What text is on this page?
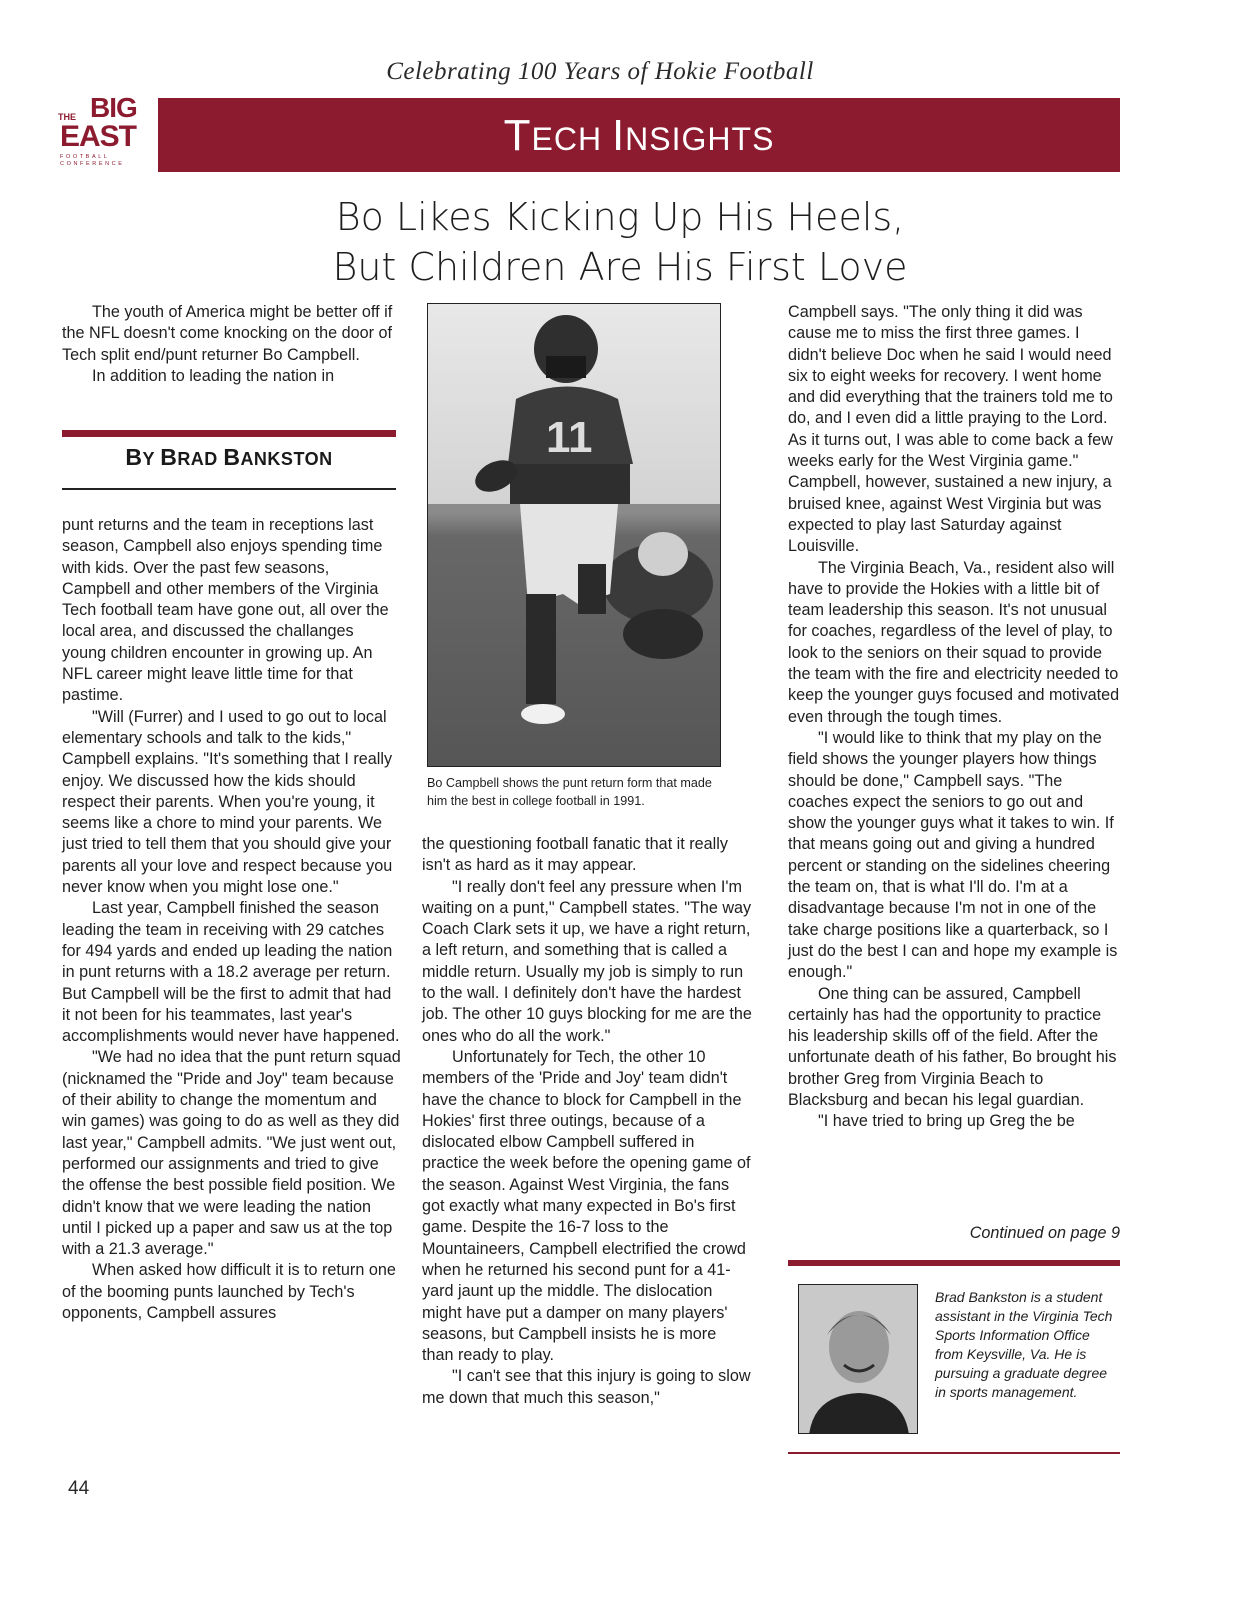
Celebrating 100 Years of Hokie Football
THE BIG
EAST
FOOTBALL
CONFERENCE
TECH INSIGHTS
Bo Likes Kicking Up His Heels,
But Children Are His First Love

The youth of America might be better off if the NFL doesn't come knocking on the door of Tech split end/punt returner Bo Campbell.

In addition to leading the nation in

BY BRAD BANKSTON

punt returns and the team in receptions last season, Campbell also enjoys spending time with kids. Over the past few seasons, Campbell and other members of the Virginia Tech football team have gone out, all over the local area, and discussed the challanges young children encounter in growing up. An NFL career might leave little time for that pastime.

"Will (Furrer) and I used to go out to local elementary schools and talk to the kids," Campbell explains. "It's something that I really enjoy. We discussed how the kids should respect their parents. When you're young, it seems like a chore to mind your parents. We just tried to tell them that you should give your parents all your love and respect because you never know when you might lose one."

Last year, Campbell finished the season leading the team in receiving with 29 catches for 494 yards and ended up leading the nation in punt returns with a 18.2 average per return. But Campbell will be the first to admit that had it not been for his teammates, last year's accomplishments would never have happened.

"We had no idea that the punt return squad (nicknamed the "Pride and Joy" team because of their ability to change the momentum and win games) was going to do as well as they did last year," Campbell admits. "We just went out, performed our assignments and tried to give the offense the best possible field position. We didn't know that we were leading the nation until I picked up a paper and saw us at the top with a 21.3 average."

When asked how difficult it is to return one of the booming punts launched by Tech's opponents, Campbell assures

11
Bo Campbell shows the punt return form that made him the best in college football in 1991.

the questioning football fanatic that it really isn't as hard as it may appear.

"I really don't feel any pressure when I'm waiting on a punt," Campbell states. "The way Coach Clark sets it up, we have a right return, a left return, and something that is called a middle return. Usually my job is simply to run to the wall. I definitely don't have the hardest job. The other 10 guys blocking for me are the ones who do all the work."

Unfortunately for Tech, the other 10 members of the 'Pride and Joy' team didn't have the chance to block for Campbell in the Hokies' first three outings, because of a dislocated elbow Campbell suffered in practice the week before the opening game of the season. Against West Virginia, the fans got exactly what many expected in Bo's first game. Despite the 16-7 loss to the Mountaineers, Campbell electrified the crowd when he returned his second punt for a 41-yard jaunt up the middle. The dislocation might have put a damper on many players' seasons, but Campbell insists he is more than ready to play.

"I can't see that this injury is going to slow me down that much this season,"

Campbell says. "The only thing it did was cause me to miss the first three games. I didn't believe Doc when he said I would need six to eight weeks for recovery. I went home and did everything that the trainers told me to do, and I even did a little praying to the Lord. As it turns out, I was able to come back a few weeks early for the West Virginia game." Campbell, however, sustained a new injury, a bruised knee, against West Virginia but was expected to play last Saturday against Louisville.

The Virginia Beach, Va., resident also will have to provide the Hokies with a little bit of team leadership this season. It's not unusual for coaches, regardless of the level of play, to look to the seniors on their squad to provide the team with the fire and electricity needed to keep the younger guys focused and motivated even through the tough times.

"I would like to think that my play on the field shows the younger players how things should be done," Campbell says. "The coaches expect the seniors to go out and show the younger guys what it takes to win. If that means going out and giving a hundred percent or standing on the sidelines cheering the team on, that is what I'll do. I'm at a disadvantage because I'm not in one of the take charge positions like a quarterback, so I just do the best I can and hope my example is enough."

One thing can be assured, Campbell certainly has had the opportunity to practice his leadership skills off of the field. After the unfortunate death of his father, Bo brought his brother Greg from Virginia Beach to Blacksburg and becan his legal guardian.

"I have tried to bring up Greg the be

Continued on page 9
Brad Bankston is a student assistant in the Virginia Tech Sports Information Office from Keysville, Va. He is pursuing a graduate degree in sports management.
44
